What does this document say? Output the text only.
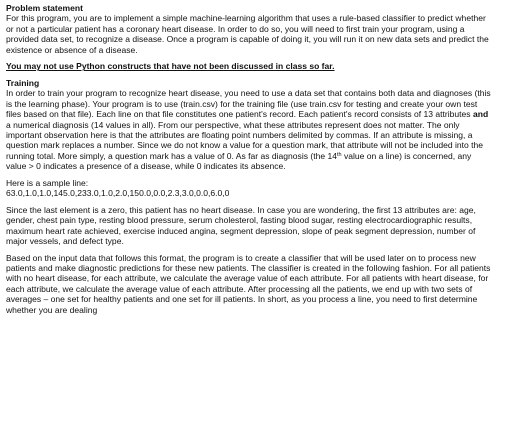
Problem statement

For this program, you are to implement a simple machine-learning algorithm that uses a rule-based classifier to predict whether or not a particular patient has a coronary heart disease. In order to do so, you will need to first train your program, using a provided data set, to recognize a disease. Once a program is capable of doing it, you will run it on new data sets and predict the existence or absence of a disease.

You may not use Python constructs that have not been discussed in class so far.

Training

In order to train your program to recognize heart disease, you need to use a data set that contains both data and diagnoses (this is the learning phase). Your program is to use (train.csv) for the training file (use train.csv for testing and create your own test files based on that file). Each line on that file constitutes one patient's record. Each patient's record consists of 13 attributes and a numerical diagnosis (14 values in all). From our perspective, what these attributes represent does not matter. The only important observation here is that the attributes are floating point numbers delimited by commas. If an attribute is missing, a question mark replaces a number. Since we do not know a value for a question mark, that attribute will not be included into the running total. More simply, a question mark has a value of 0. As far as diagnosis (the 14th value on a line) is concerned, any value > 0 indicates a presence of a disease, while 0 indicates its absence.

Here is a sample line:

63.0,1.0,1.0,145.0,233.0,1.0,2.0,150.0,0.0,2.3,3.0,0.0,6.0,0

Since the last element is a zero, this patient has no heart disease. In case you are wondering, the first 13 attributes are: age, gender, chest pain type, resting blood pressure, serum cholesterol, fasting blood sugar, resting electrocardiographic results, maximum heart rate achieved, exercise induced angina, segment depression, slope of peak segment depression, number of major vessels, and defect type.

Based on the input data that follows this format, the program is to create a classifier that will be used later on to process new patients and make diagnostic predictions for these new patients. The classifier is created in the following fashion. For all patients with no heart disease, for each attribute, we calculate the average value of each attribute. For all patients with heart disease, for each attribute, we calculate the average value of each attribute. After processing all the patients, we end up with two sets of averages – one set for healthy patients and one set for ill patients. In short, as you process a line, you need to first determine whether you are dealing
